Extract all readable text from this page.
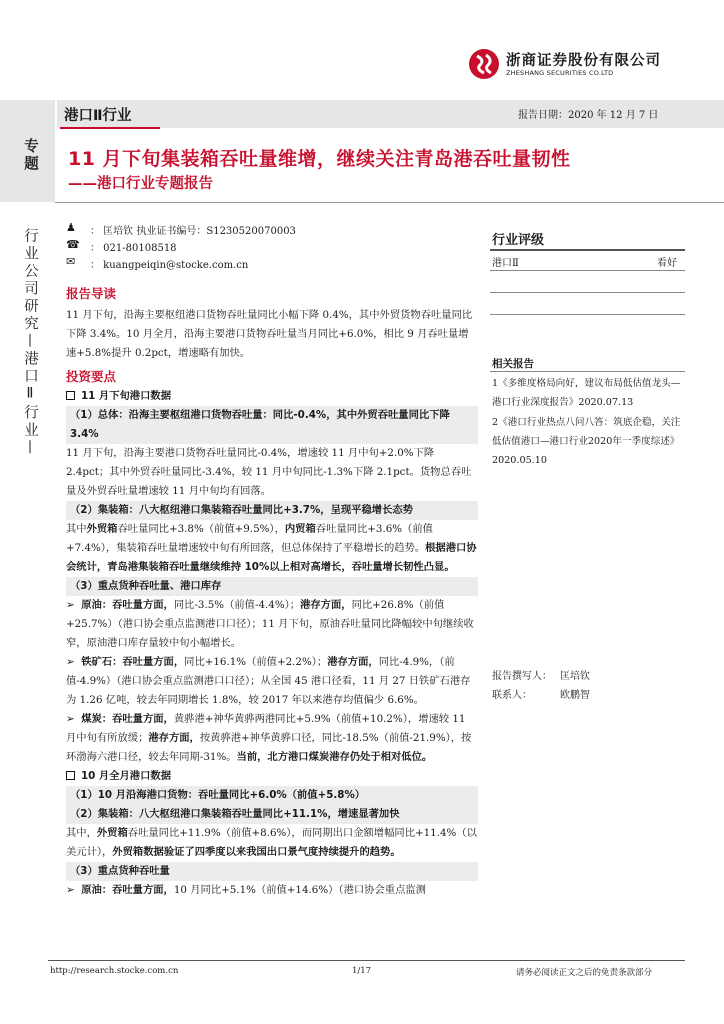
浙商证券股份有限公司
ZHESHANG SECURITIES CO.LTD
港口Ⅱ行业	报告日期：2020 年 12 月 7 日
专题
行业公司研究—港口Ⅱ行业—
11 月下旬集装箱吞吐量维增，继续关注青岛港吞吐量韧性
——港口行业专题报告
♟ ： 匡培钦 执业证书编号：S1230520070003
☎ ： 021-80108518
✉ ： kuangpeiqin@stocke.com.cn
行业评级
港口Ⅱ	看好
相关报告
1《多维度格局向好，建议布局低估值龙头—港口行业深度报告》2020.07.13
2《港口行业热点八问八答：筑底企稳，关注低估值港口—港口行业2020年一季度综述》2020.05.10
报告撰写人： 匡培钦
联系人：	欧鹏智
报告导读
11 月下旬，沿海主要枢纽港口货物吞吐量同比小幅下降 0.4%，其中外贸货物吞吐量同比下降 3.4%。10 月全月，沿海主要港口货物吞吐量当月同比+6.0%，相比 9 月吞吐量增速+5.8%提升 0.2pct，增速略有加快。
投资要点
11 月下旬港口数据
（1）总体：沿海主要枢纽港口货物吞吐量：同比-0.4%，其中外贸吞吐量同比下降 3.4%
11 月下旬，沿海主要港口货物吞吐量同比-0.4%，增速较 11 月中旬+2.0%下降 2.4pct；其中外贸吞吐量同比-3.4%，较 11 月中旬同比-1.3%下降 2.1pct。货物总吞吐量及外贸吞吐量增速较 11 月中旬均有回落。
（2）集装箱：八大枢纽港口集装箱吞吐量同比+3.7%，呈现平稳增长态势
其中外贸箱吞吐量同比+3.8%（前值+9.5%），内贸箱吞吐量同比+3.6%（前值+7.4%），集装箱吞吐量增速较中旬有所回落，但总体保持了平稳增长的趋势。根据港口协会统计，青岛港集装箱吞吐量继续维持 10%以上相对高增长，吞吐量增长韧性凸显。
（3）重点货种吞吐量、港口库存
➢  原油：吞吐量方面，同比-3.5%（前值-4.4%）；港存方面，同比+26.8%（前值+25.7%）（港口协会重点监测港口口径）；11 月下旬，原油吞吐量同比降幅较中旬继续收窄，原油港口库存量较中旬小幅增长。
➢  铁矿石：吞吐量方面，同比+16.1%（前值+2.2%）；港存方面，同比-4.9%，（前值-4.9%）（港口协会重点监测港口口径）；从全国 45 港口径看，11 月 27 日铁矿石港存为 1.26 亿吨，较去年同期增长 1.8%，较 2017 年以来港存均值偏少 6.6%。
➢  煤炭：吞吐量方面，黄骅港+神华黄骅两港同比+5.9%（前值+10.2%），增速较 11 月中旬有所放缓；港存方面，按黄骅港+神华黄骅口径，同比-18.5%（前值-21.9%），按环渤海六港口径，较去年同期-31%。当前，北方港口煤炭港存仍处于相对低位。
10 月全月港口数据
（1）10 月沿海港口货物：吞吐量同比+6.0%（前值+5.8%）
（2）集装箱：八大枢纽港口集装箱吞吐量同比+11.1%，增速显著加快
其中，外贸箱吞吐量同比+11.9%（前值+8.6%），而同期出口金额增幅同比+11.4%（以美元计），外贸箱数据验证了四季度以来我国出口景气度持续提升的趋势。
（3）重点货种吞吐量
➢  原油：吞吐量方面，10 月同比+5.1%（前值+14.6%）（港口协会重点监测
http://research.stocke.com.cn	1/17	请务必阅读正文之后的免责条款部分
